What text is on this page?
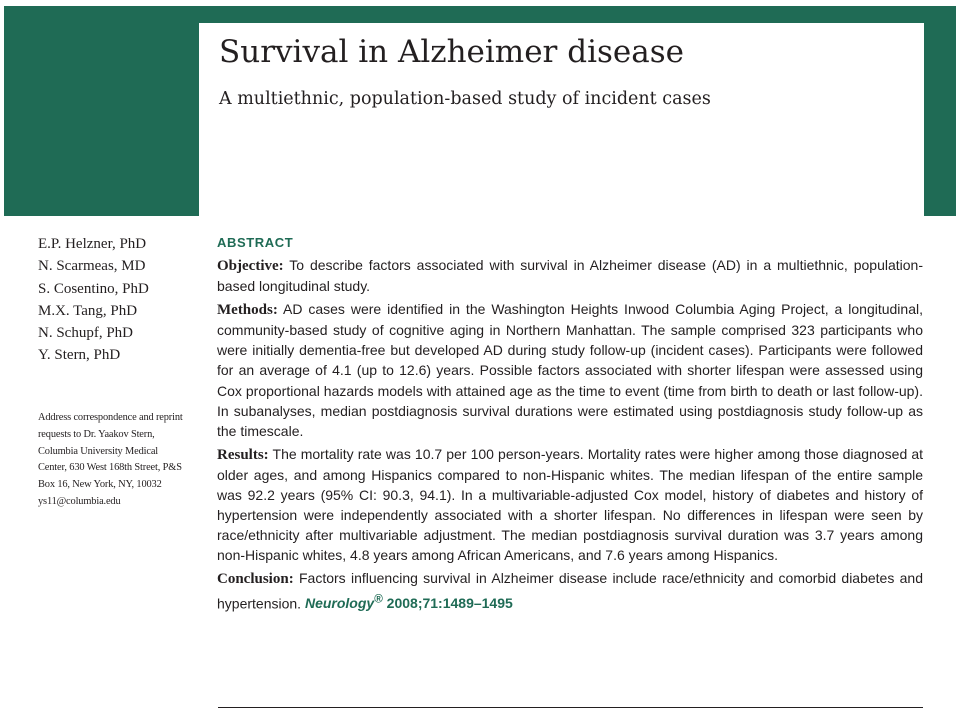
Survival in Alzheimer disease
A multiethnic, population-based study of incident cases
E.P. Helzner, PhD
N. Scarmeas, MD
S. Cosentino, PhD
M.X. Tang, PhD
N. Schupf, PhD
Y. Stern, PhD
Address correspondence and reprint
requests to Dr. Yaakov Stern,
Columbia University Medical
Center, 630 West 168th Street, P&S
Box 16, New York, NY, 10032
ys11@columbia.edu
ABSTRACT

Objective: To describe factors associated with survival in Alzheimer disease (AD) in a multiethnic, population-based longitudinal study.

Methods: AD cases were identified in the Washington Heights Inwood Columbia Aging Project, a longitudinal, community-based study of cognitive aging in Northern Manhattan. The sample comprised 323 participants who were initially dementia-free but developed AD during study follow-up (incident cases). Participants were followed for an average of 4.1 (up to 12.6) years. Possible factors associated with shorter lifespan were assessed using Cox proportional hazards models with attained age as the time to event (time from birth to death or last follow-up). In subanalyses, median postdiagnosis survival durations were estimated using postdiagnosis study follow-up as the timescale.

Results: The mortality rate was 10.7 per 100 person-years. Mortality rates were higher among those diagnosed at older ages, and among Hispanics compared to non-Hispanic whites. The median lifespan of the entire sample was 92.2 years (95% CI: 90.3, 94.1). In a multivariable-adjusted Cox model, history of diabetes and history of hypertension were independently associated with a shorter lifespan. No differences in lifespan were seen by race/ethnicity after multivariable adjustment. The median postdiagnosis survival duration was 3.7 years among non-Hispanic whites, 4.8 years among African Americans, and 7.6 years among Hispanics.

Conclusion: Factors influencing survival in Alzheimer disease include race/ethnicity and comorbid diabetes and hypertension. Neurology® 2008;71:1489–1495
